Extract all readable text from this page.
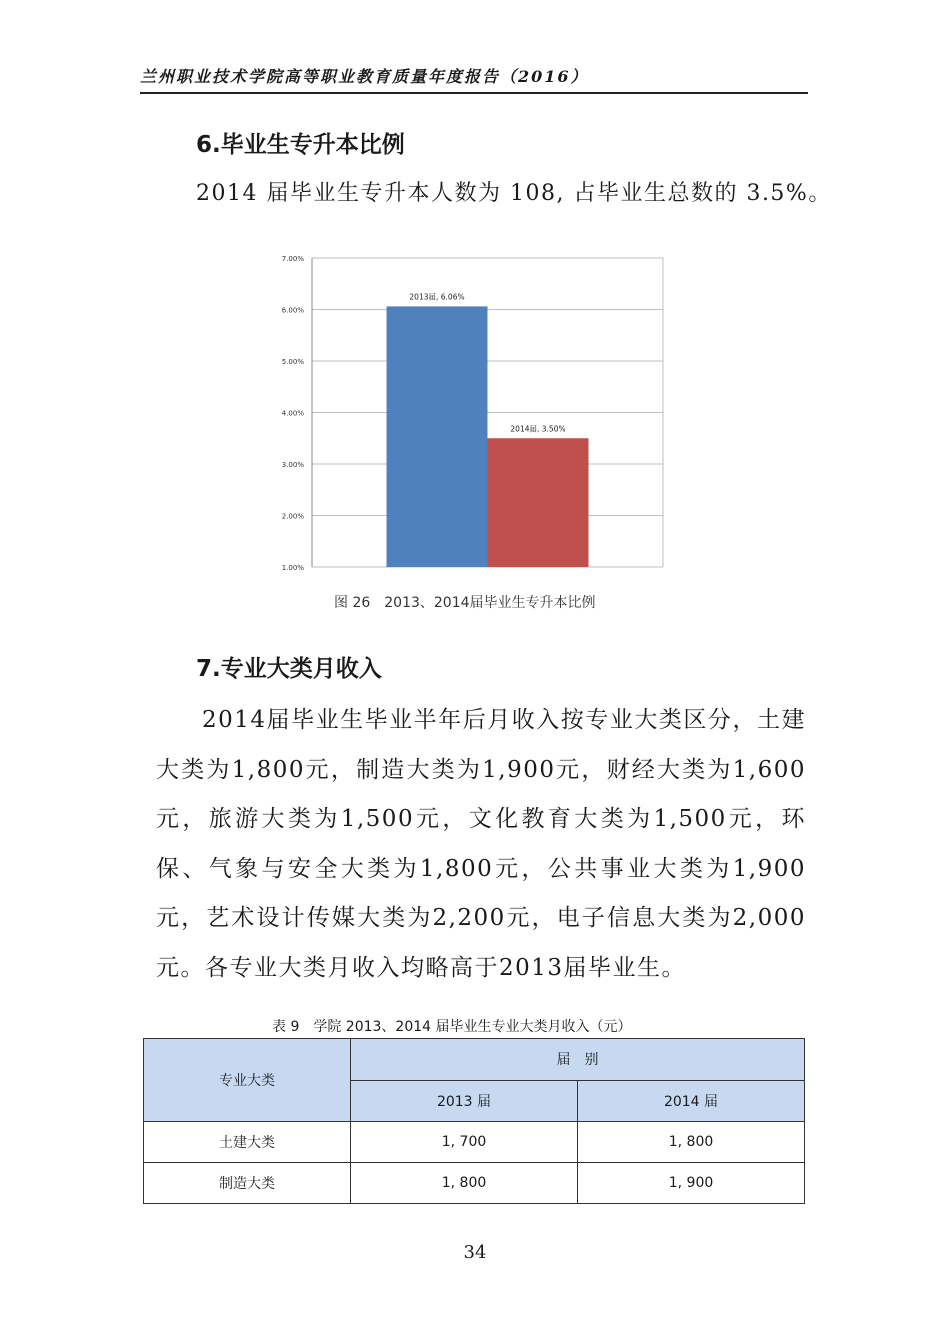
兰州职业技术学院高等职业教育质量年度报告（2016）
6.毕业生专升本比例
2014 届毕业生专升本人数为 108, 占毕业生总数的 3.5%。
1.00%
2.00%
3.00%
4.00%
5.00%
6.00%
7.00%
2013届, 6.06%
2014届, 3.50%
图 26　2013、2014届毕业生专升本比例
7.专业大类月收入
2014届毕业生毕业半年后月收入按专业大类区分，土建大类为1,800元，制造大类为1,900元，财经大类为1,600元，旅游大类为1,500元，文化教育大类为1,500元，环保、气象与安全大类为1,800元，公共事业大类为1,900元，艺术设计传媒大类为2,200元，电子信息大类为2,000元。各专业大类月收入均略高于2013届毕业生。
表 9　学院 2013、2014 届毕业生专业大类月收入（元）
专业大类	届　别	
	2013 届	2014 届
土建大类	1, 700	1, 800
制造大类	1, 800	1, 900
34
